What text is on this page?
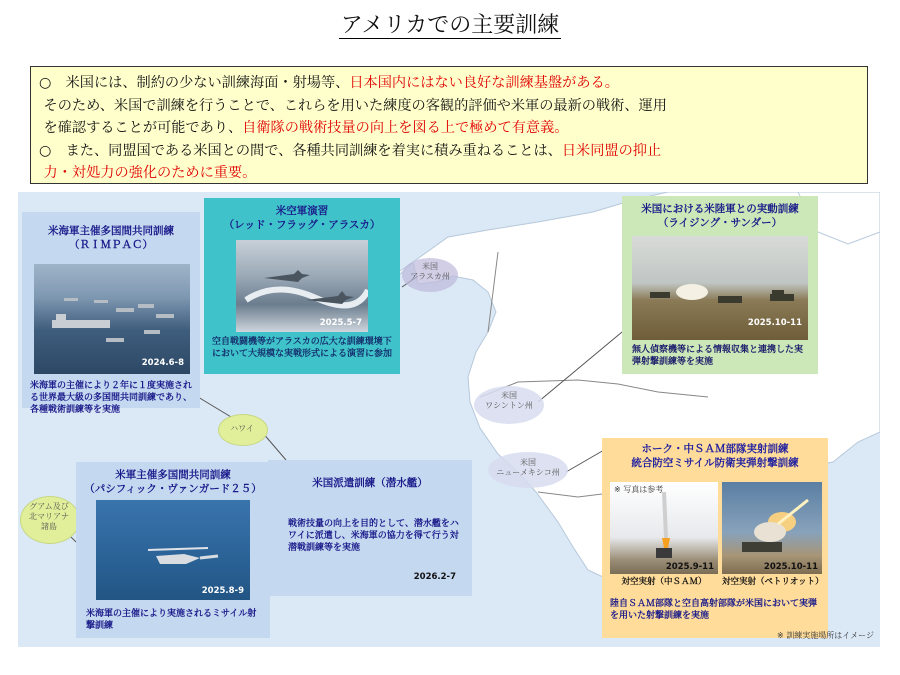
アメリカでの主要訓練

○　米国には、制約の少ない訓練海面・射場等、日本国内にはない良好な訓練基盤がある。

そのため、米国で訓練を行うことで、これらを用いた練度の客観的評価や米軍の最新の戦術、運用

を確認することが可能であり、自衛隊の戦術技量の向上を図る上で極めて有意義。

○　また、同盟国である米国との間で、各種共同訓練を着実に積み重ねることは、日米同盟の抑止

力・対処力の強化のために重要。

米国
アラスカ州
米国
ワシントン州
米国
ニューメキシコ州
ハワイ
グアム及び
北マリアナ
諸島
米海軍主催多国間共同訓練
（ＲＩＭＰＡＣ）
2024.6-8
米海軍の主催により２年に１度実施される世界最大級の多国間共同訓練であり、各種戦術訓練等を実施
米空軍演習
（レッド・フラッグ・アラスカ）
2025.5-7
空自戦闘機等がアラスカの広大な訓練環境下において大規模な実戦形式による演習に参加
米国における米陸軍との実動訓練
（ライジング・サンダー）
2025.10-11
無人偵察機等による情報収集と連携した実弾射撃訓練等を実施
米軍主催多国間共同訓練
（パシフィック・ヴァンガード２５）
2025.8-9
米海軍の主催により実施されるミサイル射撃訓練
米国派遣訓練（潜水艦）
戦術技量の向上を目的として、潜水艦をハワイに派遣し、米海軍の協力を得て行う対潜戦訓練等を実施
2026.2-7
ホーク・中ＳＡＭ部隊実射訓練
統合防空ミサイル防衛実弾射撃訓練
※ 写真は参考
2025.9-11	2025.10-11
対空実射（中ＳＡＭ）	対空実射（ペトリオット）
陸自ＳＡＭ部隊と空自高射部隊が米国において実弾を用いた射撃訓練を実施
※ 訓練実施場所はイメージ
